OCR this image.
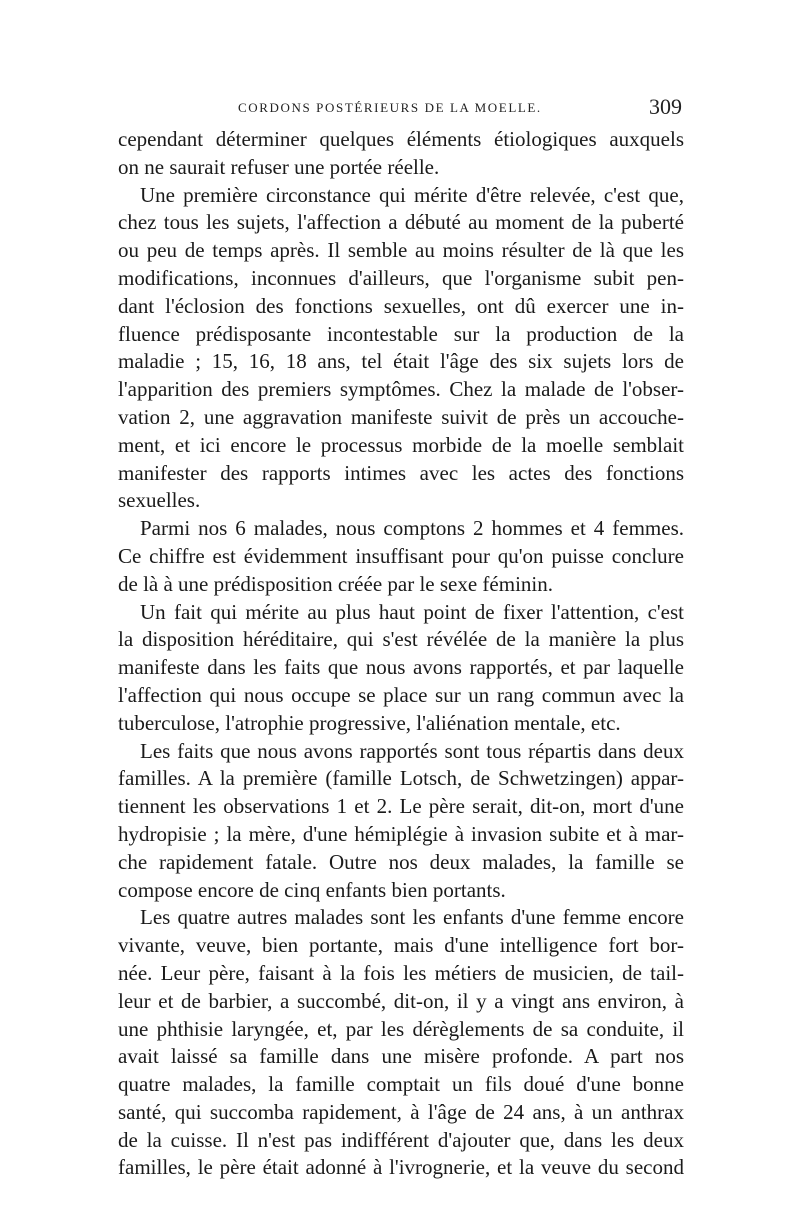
CORDONS POSTÉRIEURS DE LA MOELLE.	309
cependant déterminer quelques éléments étiologiques auxquels
on ne saurait refuser une portée réelle.
Une première circonstance qui mérite d'être relevée, c'est que,
chez tous les sujets, l'affection a débuté au moment de la puberté
ou peu de temps après. Il semble au moins résulter de là que les
modifications, inconnues d'ailleurs, que l'organisme subit pen-
dant l'éclosion des fonctions sexuelles, ont dû exercer une in-
fluence prédisposante incontestable sur la production de la
maladie ; 15, 16, 18 ans, tel était l'âge des six sujets lors de
l'apparition des premiers symptômes. Chez la malade de l'obser-
vation 2, une aggravation manifeste suivit de près un accouche-
ment, et ici encore le processus morbide de la moelle semblait
manifester des rapports intimes avec les actes des fonctions
sexuelles.
Parmi nos 6 malades, nous comptons 2 hommes et 4 femmes.
Ce chiffre est évidemment insuffisant pour qu'on puisse conclure
de là à une prédisposition créée par le sexe féminin.
Un fait qui mérite au plus haut point de fixer l'attention, c'est
la disposition héréditaire, qui s'est révélée de la manière la plus
manifeste dans les faits que nous avons rapportés, et par laquelle
l'affection qui nous occupe se place sur un rang commun avec la
tuberculose, l'atrophie progressive, l'aliénation mentale, etc.
Les faits que nous avons rapportés sont tous répartis dans deux
familles. A la première (famille Lotsch, de Schwetzingen) appar-
tiennent les observations 1 et 2. Le père serait, dit-on, mort d'une
hydropisie ; la mère, d'une hémiplégie à invasion subite et à mar-
che rapidement fatale. Outre nos deux malades, la famille se
compose encore de cinq enfants bien portants.
Les quatre autres malades sont les enfants d'une femme encore
vivante, veuve, bien portante, mais d'une intelligence fort bor-
née. Leur père, faisant à la fois les métiers de musicien, de tail-
leur et de barbier, a succombé, dit-on, il y a vingt ans environ, à
une phthisie laryngée, et, par les dérèglements de sa conduite, il
avait laissé sa famille dans une misère profonde. A part nos
quatre malades, la famille comptait un fils doué d'une bonne
santé, qui succomba rapidement, à l'âge de 24 ans, à un anthrax
de la cuisse. Il n'est pas indifférent d'ajouter que, dans les deux
familles, le père était adonné à l'ivrognerie, et la veuve du second
